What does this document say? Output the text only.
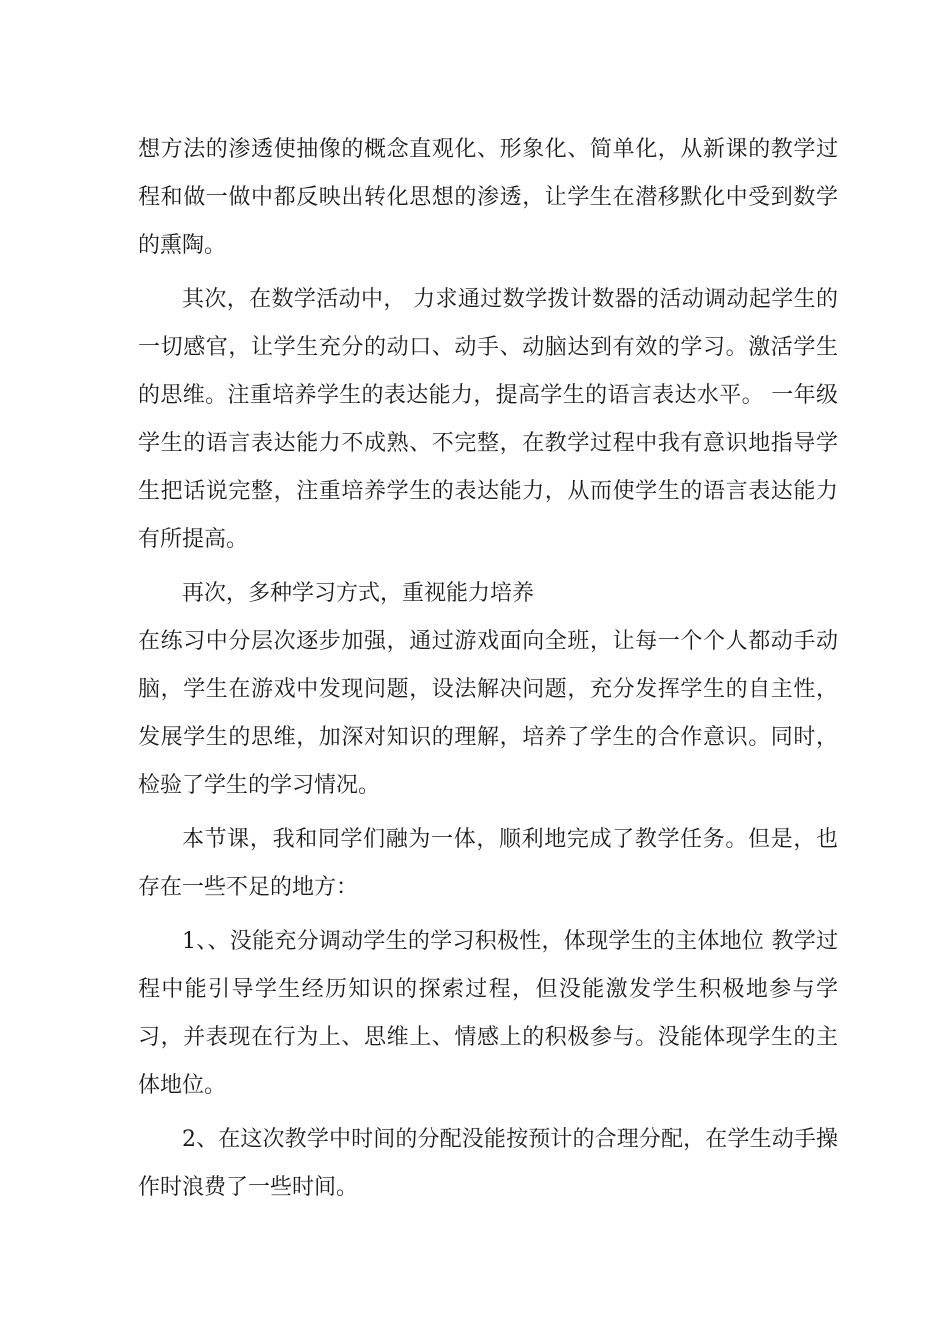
想方法的渗透使抽像的概念直观化、形象化、简单化，从新课的教学过程和做一做中都反映出转化思想的渗透，让学生在潜移默化中受到数学的熏陶。

其次，在数学活动中， 力求通过数学拨计数器的活动调动起学生的一切感官，让学生充分的动口、动手、动脑达到有效的学习。激活学生的思维。注重培养学生的表达能力，提高学生的语言表达水平。 一年级学生的语言表达能力不成熟、不完整，在教学过程中我有意识地指导学生把话说完整，注重培养学生的表达能力，从而使学生的语言表达能力有所提高。

再次，多种学习方式，重视能力培养

在练习中分层次逐步加强，通过游戏面向全班，让每一个个人都动手动脑，学生在游戏中发现问题，设法解决问题，充分发挥学生的自主性，发展学生的思维，加深对知识的理解，培养了学生的合作意识。同时，检验了学生的学习情况。

本节课，我和同学们融为一体，顺利地完成了教学任务。但是，也存在一些不足的地方：

1、、没能充分调动学生的学习积极性，体现学生的主体地位 教学过程中能引导学生经历知识的探索过程，但没能激发学生积极地参与学习，并表现在行为上、思维上、情感上的积极参与。没能体现学生的主体地位。

2、在这次教学中时间的分配没能按预计的合理分配，在学生动手操作时浪费了一些时间。
